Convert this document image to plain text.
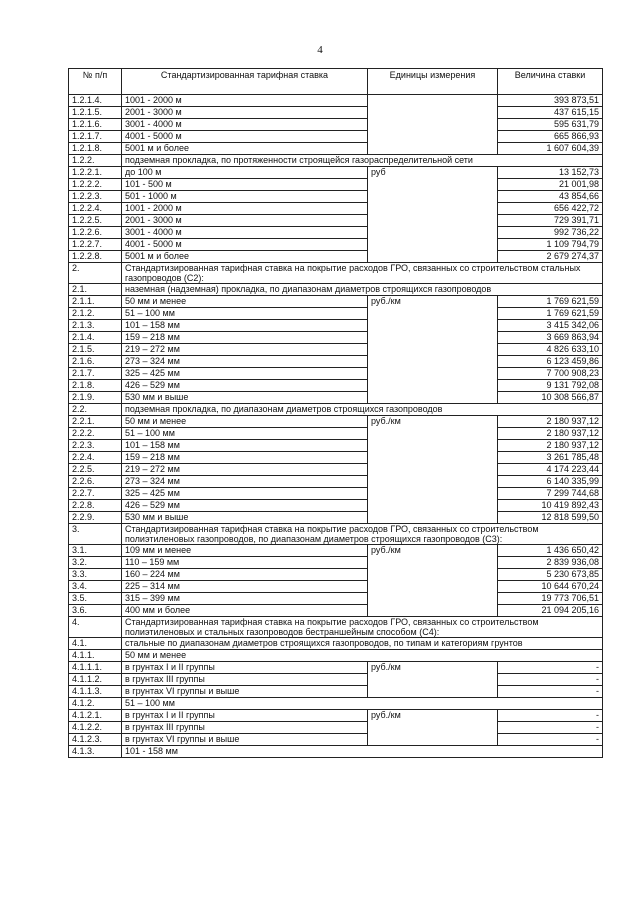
4
№ п/п	Стандартизированная тарифная ставка	Единицы измерения	Величина ставки
1.2.1.4.	1001 - 2000 м		393 873,51
1.2.1.5.	2001 - 3000 м		437 615,15
1.2.1.6.	3001 - 4000 м		595 631,79
1.2.1.7.	4001 - 5000 м		665 866,93
1.2.1.8.	5001 м и более		1 607 604,39
1.2.2.	подземная прокладка, по протяженности строящейся газораспределительной сети		
1.2.2.1.	до 100 м	руб	13 152,73
1.2.2.2.	101 - 500 м		21 001,98
1.2.2.3.	501 - 1000 м		43 854,66
1.2.2.4.	1001 - 2000 м		656 422,72
1.2.2.5.	2001 - 3000 м		729 391,71
1.2.2.6.	3001 - 4000 м		992 736,22
1.2.2.7.	4001 - 5000 м		1 109 794,79
1.2.2.8.	5001 м и более		2 679 274,37
2.	Стандартизированная тарифная ставка на покрытие расходов ГРО, связанных со строительством стальных газопроводов (С2):		
2.1.	наземная (надземная) прокладка, по диапазонам диаметров строящихся газопроводов		
2.1.1.	50 мм и менее	руб./км	1 769 621,59
2.1.2.	51 – 100 мм		1 769 621,59
2.1.3.	101 – 158 мм		3 415 342,06
2.1.4.	159 – 218 мм		3 669 863,94
2.1.5.	219 – 272 мм		4 826 633,10
2.1.6.	273 – 324 мм		6 123 459,86
2.1.7.	325 – 425 мм		7 700 908,23
2.1.8.	426 – 529 мм		9 131 792,08
2.1.9.	530 мм и выше		10 308 566,87
2.2.	подземная прокладка, по диапазонам диаметров строящихся газопроводов		
2.2.1.	50 мм и менее	руб./км	2 180 937,12
2.2.2.	51 – 100 мм		2 180 937,12
2.2.3.	101 – 158 мм		2 180 937,12
2.2.4.	159 – 218 мм		3 261 785,48
2.2.5.	219 – 272 мм		4 174 223,44
2.2.6.	273 – 324 мм		6 140 335,99
2.2.7.	325 – 425 мм		7 299 744,68
2.2.8.	426 – 529 мм		10 419 892,43
2.2.9.	530 мм и выше		12 818 599,50
3.	Стандартизированная тарифная ставка на покрытие расходов ГРО, связанных со строительством полиэтиленовых газопроводов, по диапазонам диаметров строящихся газопроводов (С3):		
3.1.	109 мм и менее	руб./км	1 436 650,42
3.2.	110 – 159 мм		2 839 936,08
3.3.	160 – 224 мм		5 230 673,85
3.4.	225 – 314 мм		10 644 670,24
3.5.	315 – 399 мм		19 773 706,51
3.6.	400 мм и более		21 094 205,16
4.	Стандартизированная тарифная ставка на покрытие расходов ГРО, связанных со строительством полиэтиленовых и стальных газопроводов бестраншейным способом (С4):		
4.1.	стальные по диапазонам диаметров строящихся газопроводов, по типам и категориям грунтов		
4.1.1.	50 мм и менее		
4.1.1.1.	в грунтах I и II группы	руб./км	-
4.1.1.2.	в грунтах III группы		-
4.1.1.3.	в грунтах VI группы и выше		-
4.1.2.	51 – 100 мм		
4.1.2.1.	в грунтах I и II группы	руб./км	-
4.1.2.2.	в грунтах III группы		-
4.1.2.3.	в грунтах VI группы и выше		-
4.1.3.	101 - 158 мм		
